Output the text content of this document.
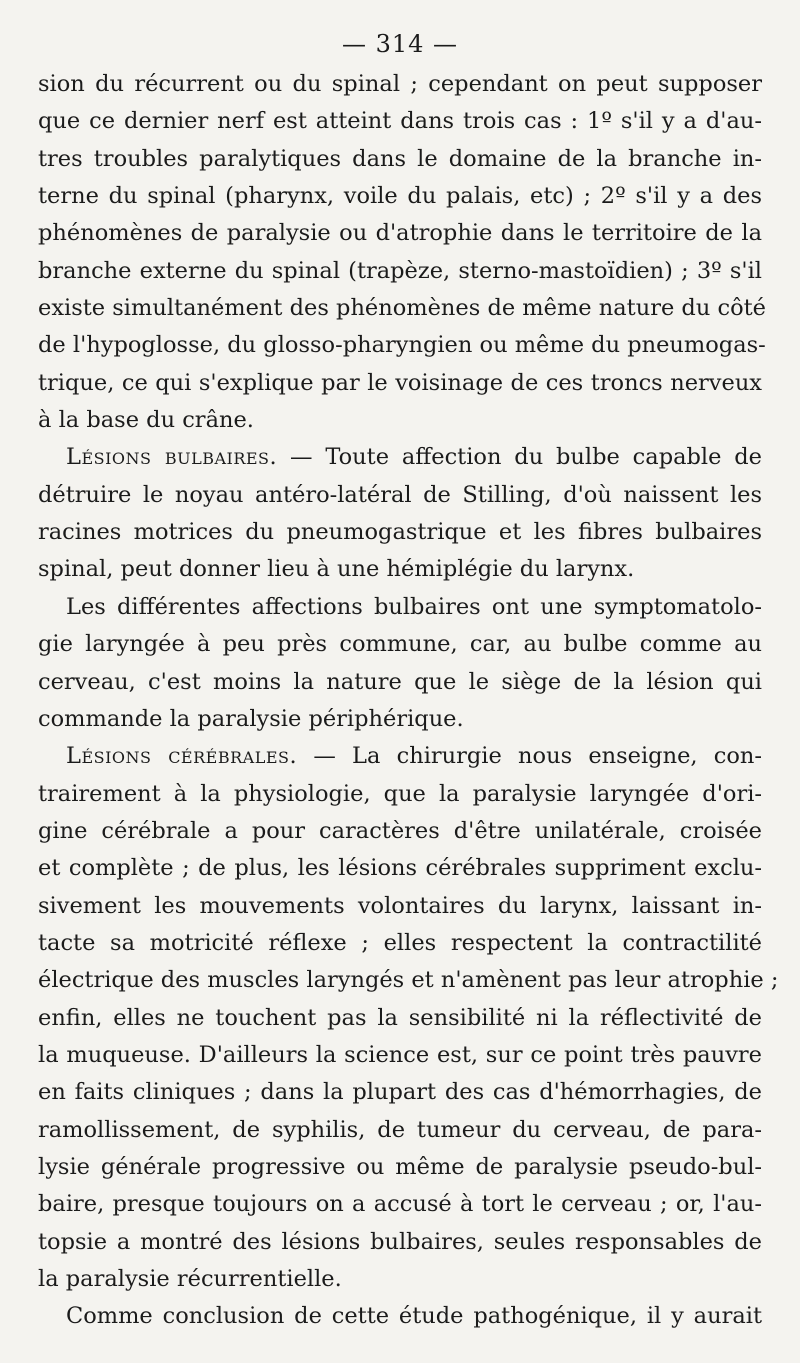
— 314 —
sion du récurrent ou du spinal ; cependant on peut supposer
que ce dernier nerf est atteint dans trois cas : 1º s'il y a d'au-
tres troubles paralytiques dans le domaine de la branche in-
terne du spinal (pharynx, voile du palais, etc) ; 2º s'il y a des
phénomènes de paralysie ou d'atrophie dans le territoire de la
branche externe du spinal (trapèze, sterno-mastoïdien) ; 3º s'il
existe simultanément des phénomènes de même nature du côté
de l'hypoglosse, du glosso-pharyngien ou même du pneumogas-
trique, ce qui s'explique par le voisinage de ces troncs nerveux
à la base du crâne.
Lésions bulbaires. — Toute affection du bulbe capable de
détruire le noyau antéro-latéral de Stilling, d'où naissent les
racines motrices du pneumogastrique et les fibres bulbaires
spinal, peut donner lieu à une hémiplégie du larynx.
Les différentes affections bulbaires ont une symptomatolo-
gie laryngée à peu près commune, car, au bulbe comme au
cerveau, c'est moins la nature que le siège de la lésion qui
commande la paralysie périphérique.
Lésions cérébrales. — La chirurgie nous enseigne, con-
trairement à la physiologie, que la paralysie laryngée d'ori-
gine cérébrale a pour caractères d'être unilatérale, croisée
et complète ; de plus, les lésions cérébrales suppriment exclu-
sivement les mouvements volontaires du larynx, laissant in-
tacte sa motricité réflexe ; elles respectent la contractilité
électrique des muscles laryngés et n'amènent pas leur atrophie ;
enfin, elles ne touchent pas la sensibilité ni la réflectivité de
la muqueuse. D'ailleurs la science est, sur ce point très pauvre
en faits cliniques ; dans la plupart des cas d'hémorrhagies, de
ramollissement, de syphilis, de tumeur du cerveau, de para-
lysie générale progressive ou même de paralysie pseudo-bul-
baire, presque toujours on a accusé à tort le cerveau ; or, l'au-
topsie a montré des lésions bulbaires, seules responsables de
la paralysie récurrentielle.
Comme conclusion de cette étude pathogénique, il y aurait
